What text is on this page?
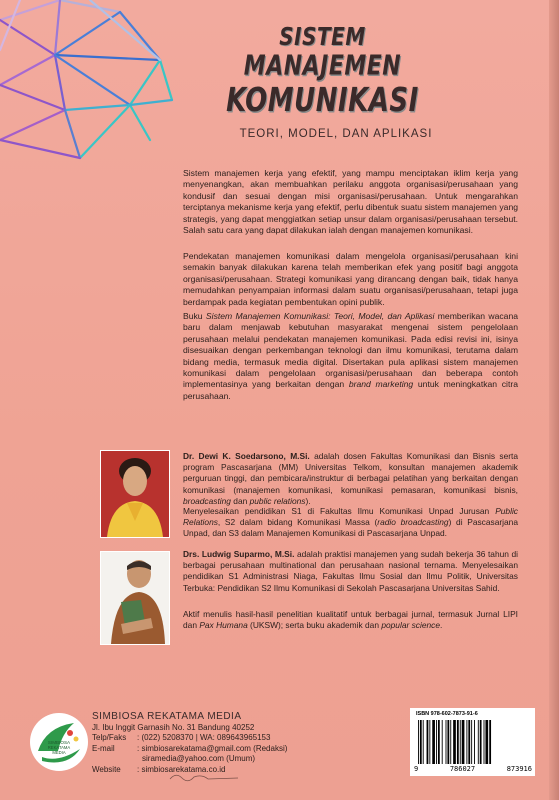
SISTEM
MANAJEMEN
KOMUNIKASI
TEORI, MODEL, DAN APLIKASI

Sistem manajemen kerja yang efektif, yang mampu menciptakan iklim kerja yang menyenangkan, akan membuahkan perilaku anggota organisasi/perusahaan yang kondusif dan sesuai dengan misi organisasi/perusahaan. Untuk mengarahkan terciptanya mekanisme kerja yang efektif, perlu dibentuk suatu sistem manajemen yang strategis, yang dapat menggiatkan setiap unsur dalam organisasi/perusahaan tersebut. Salah satu cara yang dapat dilakukan ialah dengan manajemen komunikasi.

Pendekatan manajemen komunikasi dalam mengelola organisasi/perusahaan kini semakin banyak dilakukan karena telah memberikan efek yang positif bagi anggota organisasi/perusahaan. Strategi komunikasi yang dirancang dengan baik, tidak hanya memudahkan penyampaian informasi dalam suatu organisasi/perusahaan, tetapi juga berdampak pada kegiatan pembentukan opini publik.

Buku Sistem Manajemen Komunikasi: Teori, Model, dan Aplikasi memberikan wacana baru dalam menjawab kebutuhan masyarakat mengenai sistem pengelolaan perusahaan melalui pendekatan manajemen komunikasi. Pada edisi revisi ini, isinya disesuaikan dengan perkembangan teknologi dan ilmu komunikasi, terutama dalam bidang media, termasuk media digital. Disertakan pula aplikasi sistem manajemen komunikasi dalam pengelolaan organisasi/perusahaan dan beberapa contoh implementasinya yang berkaitan dengan brand marketing untuk meningkatkan citra perusahaan.

Dr. Dewi K. Soedarsono, M.Si. adalah dosen Fakultas Komunikasi dan Bisnis serta program Pascasarjana (MM) Universitas Telkom, konsultan manajemen akademik perguruan tinggi, dan pembicara/instruktur di berbagai pelatihan yang berkaitan dengan komunikasi (manajemen komunikasi, komunikasi pemasaran, komunikasi bisnis, broadcasting dan public relations).

Menyelesaikan pendidikan S1 di Fakultas Ilmu Komunikasi Unpad Jurusan Public Relations, S2 dalam bidang Komunikasi Massa (radio broadcasting) di Pascasarjana Unpad, dan S3 dalam Manajemen Komunikasi di Pascasarjana Unpad.

Drs. Ludwig Suparmo, M.Si. adalah praktisi manajemen yang sudah bekerja 36 tahun di berbagai perusahaan multinational dan perusahaan nasional ternama. Menyelesaikan pendidikan S1 Administrasi Niaga, Fakultas Ilmu Sosial dan Ilmu Politik, Universitas Terbuka: Pendidikan S2 Ilmu Komunikasi di Sekolah Pascasarjana Universitas Sahid.

Aktif menulis hasil-hasil penelitian kualitatif untuk berbagai jurnal, termasuk Jurnal LIPI dan Pax Humana (UKSW); serta buku akademik dan popular science.

SIMBIOSA
REKATAMA
MEDIA
SIMBIOSA REKATAMA MEDIA
Jl. Ibu Inggit Garnasih No. 31 Bandung 40252
Telp/Faks	: (022) 5208370 | WA: 089643965153
E-mail	: simbiosarekatama@gmail.com (Redaksi)
siramedia@yahoo.com (Umum)
Website	: simbiosarekatama.co.id
ISBN 978-602-7873-91-6
9	786027	873916
